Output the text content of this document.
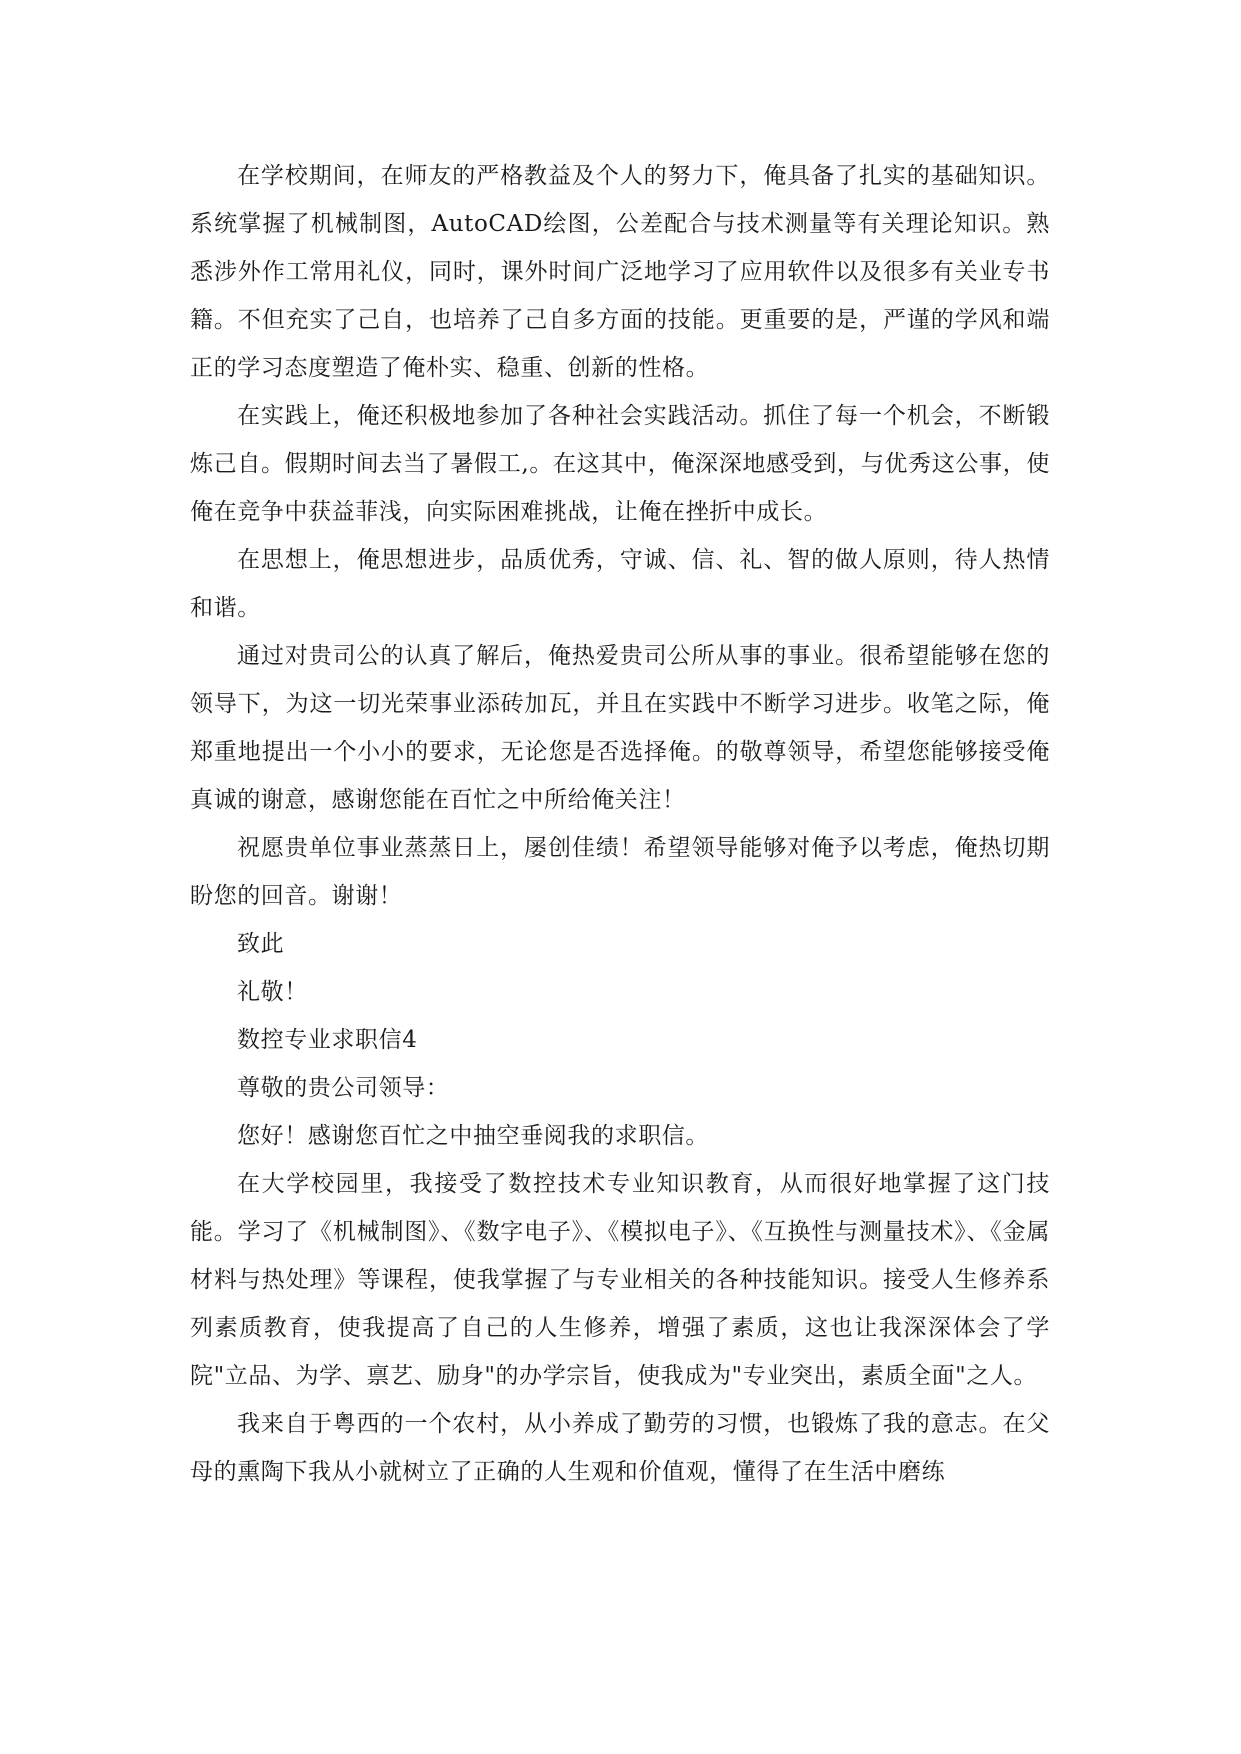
在学校期间，在师友的严格教益及个人的努力下，俺具备了扎实的基础知识。系统掌握了机械制图，AutoCAD绘图，公差配合与技术测量等有关理论知识。熟悉涉外作工常用礼仪，同时，课外时间广泛地学习了应用软件以及很多有关业专书籍。不但充实了己自，也培养了己自多方面的技能。更重要的是，严谨的学风和端正的学习态度塑造了俺朴实、稳重、创新的性格。

在实践上，俺还积极地参加了各种社会实践活动。抓住了每一个机会，不断锻炼己自。假期时间去当了暑假工,。在这其中，俺深深地感受到，与优秀这公事，使俺在竞争中获益菲浅，向实际困难挑战，让俺在挫折中成长。

在思想上，俺思想进步，品质优秀，守诚、信、礼、智的做人原则，待人热情和谐。

通过对贵司公的认真了解后，俺热爱贵司公所从事的事业。很希望能够在您的领导下，为这一切光荣事业添砖加瓦，并且在实践中不断学习进步。收笔之际，俺郑重地提出一个小小的要求，无论您是否选择俺。的敬尊领导，希望您能够接受俺真诚的谢意，感谢您能在百忙之中所给俺关注！

祝愿贵单位事业蒸蒸日上，屡创佳绩！希望领导能够对俺予以考虑，俺热切期盼您的回音。谢谢！

致此

礼敬！

数控专业求职信4

尊敬的贵公司领导：

您好！感谢您百忙之中抽空垂阅我的求职信。

在大学校园里，我接受了数控技术专业知识教育，从而很好地掌握了这门技能。学习了《机械制图》、《数字电子》、《模拟电子》、《互换性与测量技术》、《金属材料与热处理》等课程，使我掌握了与专业相关的各种技能知识。接受人生修养系列素质教育，使我提高了自己的人生修养，增强了素质，这也让我深深体会了学院"立品、为学、禀艺、励身"的办学宗旨，使我成为"专业突出，素质全面"之人。

我来自于粤西的一个农村，从小养成了勤劳的习惯，也锻炼了我的意志。在父母的熏陶下我从小就树立了正确的人生观和价值观，懂得了在生活中磨练
